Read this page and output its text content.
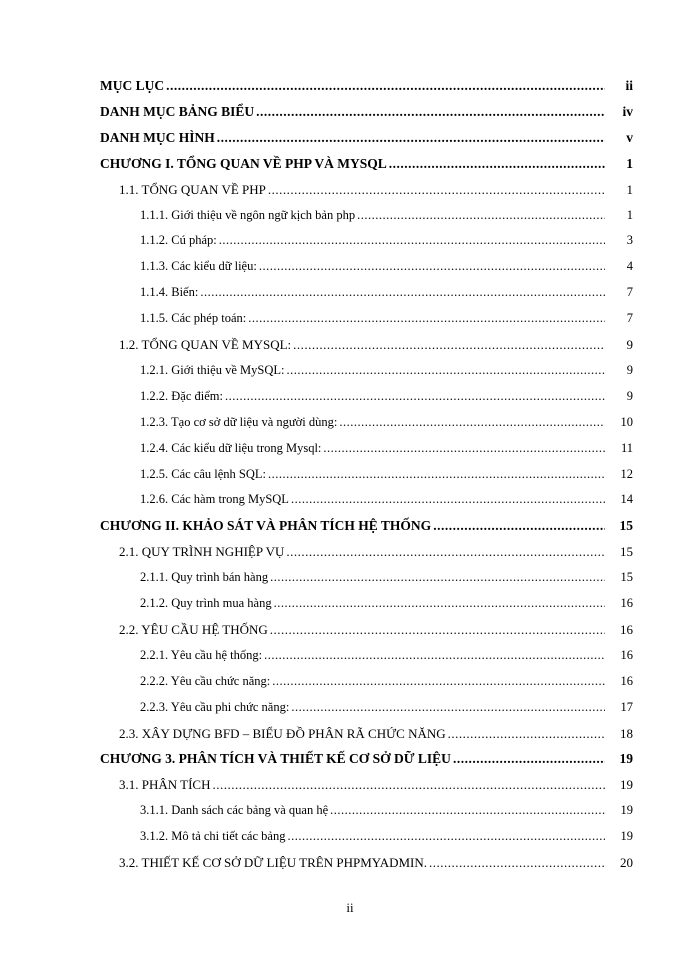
MỤC LỤC .....	ii
DANH MỤC BẢNG BIỂU .....	iv
DANH MỤC HÌNH .....	v
CHƯƠNG I. TỔNG QUAN VỀ PHP VÀ MYSQL .....	1
1.1. TỔNG QUAN VỀ PHP .....	1
1.1.1. Giới thiệu về ngôn ngữ kịch bản php .....	1
1.1.2. Cú pháp: .....	3
1.1.3. Các kiểu dữ liệu: .....	4
1.1.4. Biến: .....	7
1.1.5. Các phép toán: .....	7
1.2. TỔNG QUAN VỀ MYSQL: .....	9
1.2.1. Giới thiệu về MySQL: .....	9
1.2.2. Đặc điểm: .....	9
1.2.3. Tạo cơ sở dữ liệu và người dùng: .....	10
1.2.4. Các kiểu dữ liệu trong Mysql: .....	11
1.2.5. Các câu lệnh SQL: .....	12
1.2.6. Các hàm trong MySQL .....	14
CHƯƠNG II. KHẢO SÁT VÀ PHÂN TÍCH HỆ THỐNG .....	15
2.1. QUY TRÌNH NGHIỆP VỤ .....	15
2.1.1. Quy trình bán hàng .....	15
2.1.2. Quy trình mua hàng .....	16
2.2. YÊU CẦU HỆ THỐNG .....	16
2.2.1. Yêu cầu hệ thống: .....	16
2.2.2. Yêu cầu chức năng: .....	16
2.2.3. Yêu cầu phi chức năng: .....	17
2.3. XÂY DỰNG BFD – BIỂU ĐỒ PHÂN RÃ CHỨC NĂNG .....	18
CHƯƠNG 3. PHÂN TÍCH VÀ THIẾT KẾ CƠ SỞ DỮ LIỆU .....	19
3.1. PHÂN TÍCH .....	19
3.1.1. Danh sách các bảng và quan hệ .....	19
3.1.2. Mô tả chi tiết các bảng .....	19
3.2. THIẾT KẾ CƠ SỞ DỮ LIỆU TRÊN PHPMYADMIN. .....	20
ii
